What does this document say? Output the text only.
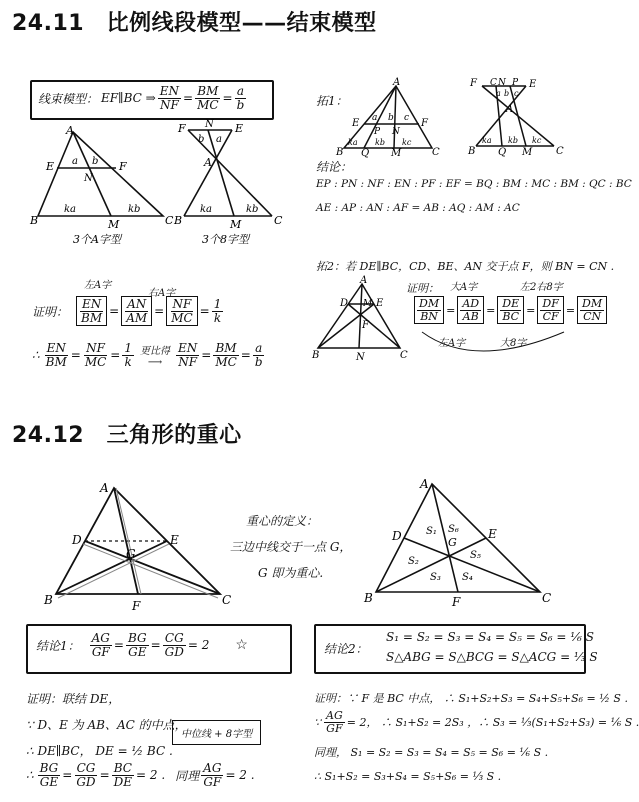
24.11　比例线段模型——结束模型
线束模型： EF∥BC ⇒ $\frac{EN}{NF} = \frac{BM}{MC} = \frac{a}{b}$
A
E	F
N
B	M	C
a b
ka	kb
3个A字型
F	E
N
A
b a
B	M	C
ka	kb
3个8字型
拓1：
A
E	F
P N
B Q M	C
a b c
ka kb kc
F C N P E
A
a b c
B Q M C
ka kb kc
结论：
EP : PN : NF : EN : PF : EF = BQ : BM : MC : BM : QC : BC
AE : AP : AN : AF = AB : AQ : AM : AC
拓2：若 DE∥BC，CD、BE、AN 交于点 F，则 BN = CN .
A
D M E
F
B	N	C
证明： 大A字	左2右8字
$\frac{DM}{BN} = \frac{AD}{AB} = \frac{DE}{BC} = \frac{DF}{CF} = \frac{DM}{CN}$
左A字	大8字
左A字
右A字
证明： $\frac{EN}{BM} = \frac{AN}{AM} = \frac{NF}{MC} = \frac{1}{k}$
∴ $\frac{EN}{BM} = \frac{NF}{MC} = \frac{1}{k}$ 更比得
⟶ $\frac{EN}{NF} = \frac{BM}{MC} = \frac{a}{b}$
24.12　三角形的重心
A
D	E
G
B	F	C
重心的定义：
三边中线交于一点 G，
G 即为重心.
A
D	E
G
B	F	C
S₁ S₆
S₂
S₅
S₃ S₄
结论1： $\frac{AG}{GF} = \frac{BG}{GE} = \frac{CG}{GD} = 2$ ☆	结论2：
S₁ = S₂ = S₃ = S₄ = S₅ = S₆ = ⅙ S
S△ABG = S△BCG = S△ACG = ⅓ S
证明：联结 DE，
∵ D、E 为 AB、AC 的中点，
∴ DE∥BC， DE = ½ BC .
中位线 + 8字型
∴ $\frac{BG}{GE} = \frac{CG}{GD} = \frac{BC}{DE} = 2$ . 同理 $\frac{AG}{GF} = 2$ .
证明：∵ F 是 BC 中点， ∴ S₁+S₂+S₃ = S₄+S₅+S₆ = ½ S .
∵ $\frac{AG}{GF} = 2$， ∴ S₁+S₂ = 2S₃ ，∴ S₃ = ⅓(S₁+S₂+S₃) = ⅙ S .
同理， S₁ = S₂ = S₃ = S₄ = S₅ = S₆ = ⅙ S .
∴ S₁+S₂ = S₃+S₄ = S₅+S₆ = ⅓ S .
